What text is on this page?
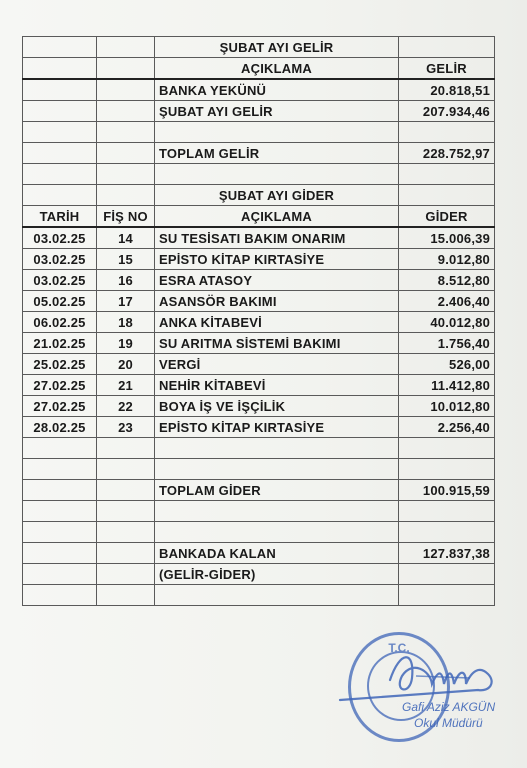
		ŞUBAT AYI GELİR	
		AÇIKLAMA	GELİR
		BANKA YEKÜNÜ	20.818,51
		ŞUBAT AYI GELİR	207.934,46

		TOPLAM GELİR	228.752,97

		ŞUBAT AYI GİDER	
TARİH	FİŞ NO	AÇIKLAMA	GİDER
03.02.25	14	SU TESİSATI BAKIM ONARIM	15.006,39
03.02.25	15	EPİSTO KİTAP KIRTASİYE	9.012,80
03.02.25	16	ESRA ATASOY	8.512,80
05.02.25	17	ASANSÖR BAKIMI	2.406,40
06.02.25	18	ANKA KİTABEVİ	40.012,80
21.02.25	19	SU ARITMA SİSTEMİ BAKIMI	1.756,40
25.02.25	20	VERGİ	526,00
27.02.25	21	NEHİR KİTABEVİ	11.412,80
27.02.25	22	BOYA İŞ VE İŞÇİLİK	10.012,80
28.02.25	23	EPİSTO KİTAP KIRTASİYE	2.256,40

		TOPLAM GİDER	100.915,59

		BANKADA KALAN	127.837,38
		(GELİR-GİDER)	

T.C.
Gafi Aziz AKGÜN
Okul Müdürü
